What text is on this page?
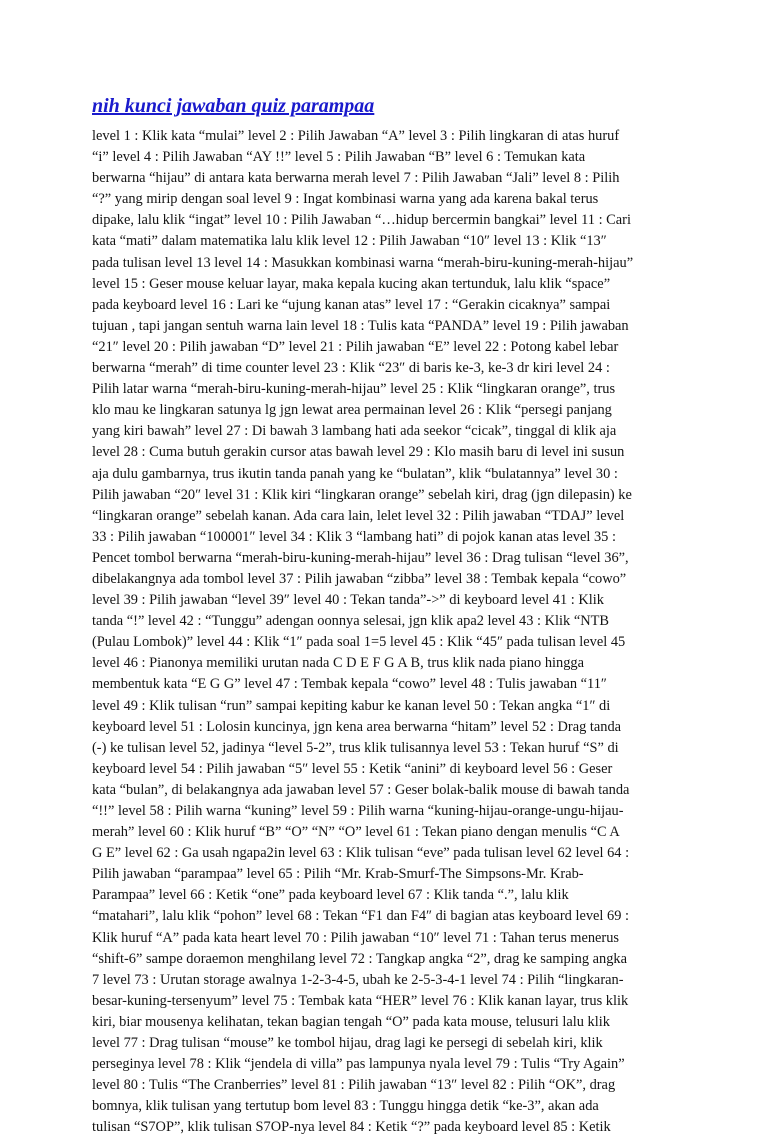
nih kunci jawaban quiz parampaa
level 1 : Klik kata “mulai” level 2 : Pilih Jawaban “A” level 3 : Pilih lingkaran di atas huruf
“i” level 4 : Pilih Jawaban “AY !!” level 5 : Pilih Jawaban “B” level 6 : Temukan kata
berwarna “hijau” di antara kata berwarna merah level 7 : Pilih Jawaban “Jali” level 8 : Pilih
“?” yang mirip dengan soal level 9 : Ingat kombinasi warna yang ada karena bakal terus
dipake, lalu klik “ingat” level 10 : Pilih Jawaban “…hidup bercermin bangkai” level 11 : Cari
kata “mati” dalam matematika lalu klik level 12 : Pilih Jawaban “10″ level 13 : Klik “13″
pada tulisan level 13 level 14 : Masukkan kombinasi warna “merah-biru-kuning-merah-hijau”
level 15 : Geser mouse keluar layar, maka kepala kucing akan tertunduk, lalu klik “space”
pada keyboard level 16 : Lari ke “ujung kanan atas” level 17 : “Gerakin cicaknya” sampai
tujuan , tapi jangan sentuh warna lain level 18 : Tulis kata “PANDA” level 19 : Pilih jawaban
“21″ level 20 : Pilih jawaban “D” level 21 : Pilih jawaban “E” level 22 : Potong kabel lebar
berwarna “merah” di time counter level 23 : Klik “23″ di baris ke-3, ke-3 dr kiri level 24 :
Pilih latar warna “merah-biru-kuning-merah-hijau” level 25 : Klik “lingkaran orange”, trus
klo mau ke lingkaran satunya lg jgn lewat area permainan level 26 : Klik “persegi panjang
yang kiri bawah” level 27 : Di bawah 3 lambang hati ada seekor “cicak”, tinggal di klik aja
level 28 : Cuma butuh gerakin cursor atas bawah level 29 : Klo masih baru di level ini susun
aja dulu gambarnya, trus ikutin tanda panah yang ke “bulatan”, klik “bulatannya” level 30 :
Pilih jawaban “20″ level 31 : Klik kiri “lingkaran orange” sebelah kiri, drag (jgn dilepasin) ke
“lingkaran orange” sebelah kanan. Ada cara lain, lelet level 32 : Pilih jawaban “TDAJ” level
33 : Pilih jawaban “100001″ level 34 : Klik 3 “lambang hati” di pojok kanan atas level 35 :
Pencet tombol berwarna “merah-biru-kuning-merah-hijau” level 36 : Drag tulisan “level 36”,
dibelakangnya ada tombol level 37 : Pilih jawaban “zibba” level 38 : Tembak kepala “cowo”
level 39 : Pilih jawaban “level 39″ level 40 : Tekan tanda”->” di keyboard level 41 : Klik
tanda “!” level 42 : “Tunggu” adengan oonnya selesai, jgn klik apa2 level 43 : Klik “NTB
(Pulau Lombok)” level 44 : Klik “1″ pada soal 1=5 level 45 : Klik “45″ pada tulisan level 45
level 46 : Pianonya memiliki urutan nada C D E F G A B, trus klik nada piano hingga
membentuk kata “E G G” level 47 : Tembak kepala “cowo” level 48 : Tulis jawaban “11″
level 49 : Klik tulisan “run” sampai kepiting kabur ke kanan level 50 : Tekan angka “1″ di
keyboard level 51 : Lolosin kuncinya, jgn kena area berwarna “hitam” level 52 : Drag tanda
(-) ke tulisan level 52, jadinya “level 5-2”, trus klik tulisannya level 53 : Tekan huruf “S” di
keyboard level 54 : Pilih jawaban “5″ level 55 : Ketik “anini” di keyboard level 56 : Geser
kata “bulan”, di belakangnya ada jawaban level 57 : Geser bolak-balik mouse di bawah tanda
“!!” level 58 : Pilih warna “kuning” level 59 : Pilih warna “kuning-hijau-orange-ungu-hijau-
merah” level 60 : Klik huruf “B” “O” “N” “O” level 61 : Tekan piano dengan menulis “C A
G E” level 62 : Ga usah ngapa2in level 63 : Klik tulisan “eve” pada tulisan level 62 level 64 :
Pilih jawaban “parampaa” level 65 : Pilih “Mr. Krab-Smurf-The Simpsons-Mr. Krab-
Parampaa” level 66 : Ketik “one” pada keyboard level 67 : Klik tanda “.”, lalu klik
“matahari”, lalu klik “pohon” level 68 : Tekan “F1 dan F4″ di bagian atas keyboard level 69 :
Klik huruf “A” pada kata heart level 70 : Pilih jawaban “10″ level 71 : Tahan terus menerus
“shift-6” sampe doraemon menghilang level 72 : Tangkap angka “2”, drag ke samping angka
7 level 73 : Urutan storage awalnya 1-2-3-4-5, ubah ke 2-5-3-4-1 level 74 : Pilih “lingkaran-
besar-kuning-tersenyum” level 75 : Tembak kata “HER” level 76 : Klik kanan layar, trus klik
kiri, biar mousenya kelihatan, tekan bagian tengah “O” pada kata mouse, telusuri lalu klik
level 77 : Drag tulisan “mouse” ke tombol hijau, drag lagi ke persegi di sebelah kiri, klik
perseginya level 78 : Klik “jendela di villa” pas lampunya nyala level 79 : Tulis “Try Again”
level 80 : Tulis “The Cranberries” level 81 : Pilih jawaban “13″ level 82 : Pilih “OK”, drag
bomnya, klik tulisan yang tertutup bom level 83 : Tunggu hingga detik “ke-3”, akan ada
tulisan “S7OP”, klik tulisan S7OP-nya level 84 : Ketik “?” pada keyboard level 85 : Ketik
